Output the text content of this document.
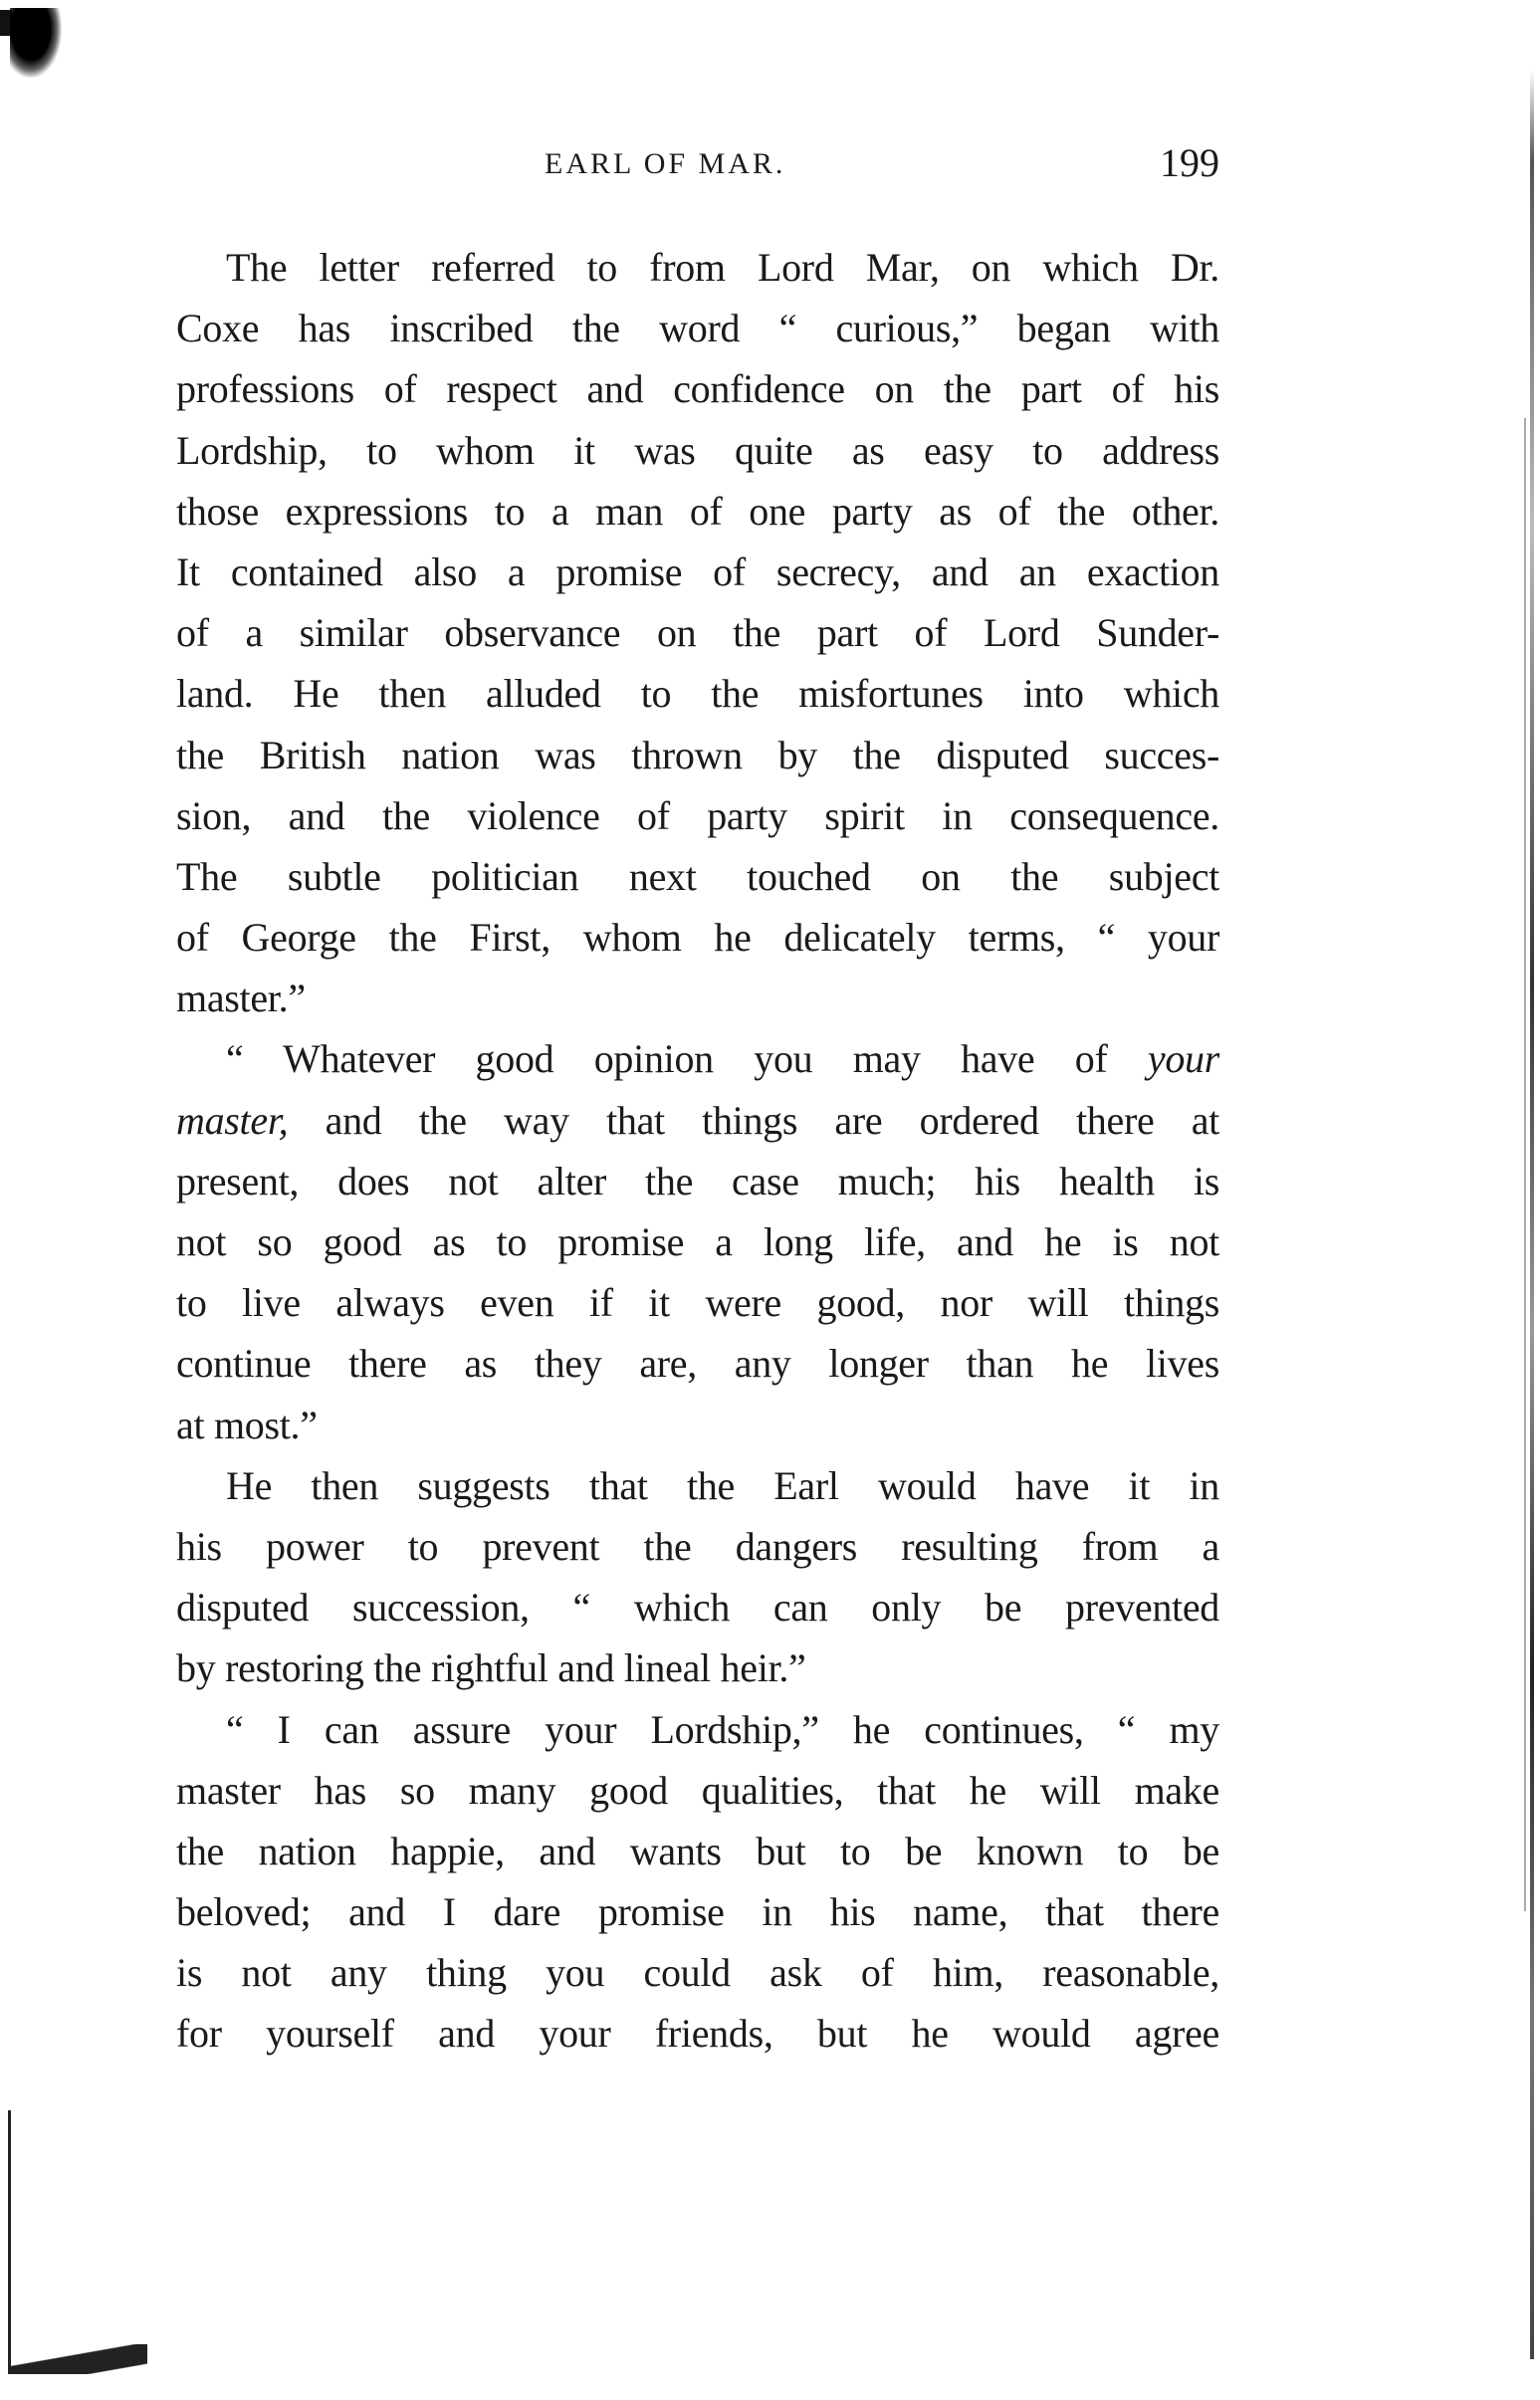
EARL OF MAR.	199
The letter referred to from Lord Mar, on which Dr.
Coxe has inscribed the word “ curious,” began with
professions of respect and confidence on the part of his
Lordship, to whom it was quite as easy to address
those expressions to a man of one party as of the other.
It contained also a promise of secrecy, and an exaction
of a similar observance on the part of Lord Sunder-
land. He then alluded to the misfortunes into which
the British nation was thrown by the disputed succes-
sion, and the violence of party spirit in consequence.
The subtle politician next touched on the subject
of George the First, whom he delicately terms, “ your
master.”
“ Whatever good opinion you may have of your
master, and the way that things are ordered there at
present, does not alter the case much; his health is
not so good as to promise a long life, and he is not
to live always even if it were good, nor will things
continue there as they are, any longer than he lives
at most.”
He then suggests that the Earl would have it in
his power to prevent the dangers resulting from a
disputed succession, “ which can only be prevented
by restoring the rightful and lineal heir.”
“ I can assure your Lordship,” he continues, “ my
master has so many good qualities, that he will make
the nation happie, and wants but to be known to be
beloved; and I dare promise in his name, that there
is not any thing you could ask of him, reasonable,
for yourself and your friends, but he would agree
